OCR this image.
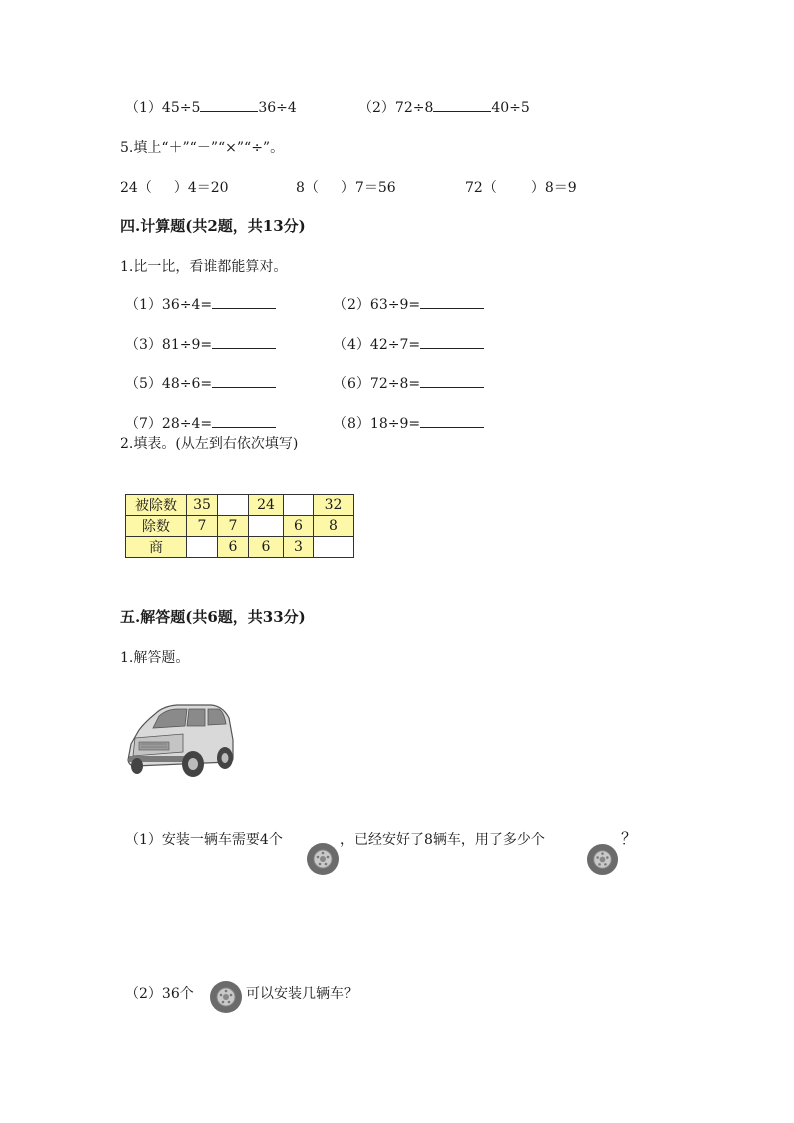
（1）45÷5	36÷4	（2）72÷8	40÷5
5.填上“＋”“－”“×”“÷”。
24（ ）4＝20	8（ ）7＝56	72（ ）8＝9
四.计算题(共2题，共13分)
1.比一比，看谁都能算对。
（1）36÷4=	（2）63÷9=
（3）81÷9=	（4）42÷7=
（5）48÷6=	（6）72÷8=
（7）28÷4=	（8）18÷9=
2.填表。(从左到右依次填写)
被除数	35		24		32
除数	7	7		6	8
商		6	6	3	
五.解答题(共6题，共33分)
1.解答题。
（1）安装一辆车需要4个	，已经安好了8辆车，用了多少个	？
（2）36个	可以安装几辆车？
